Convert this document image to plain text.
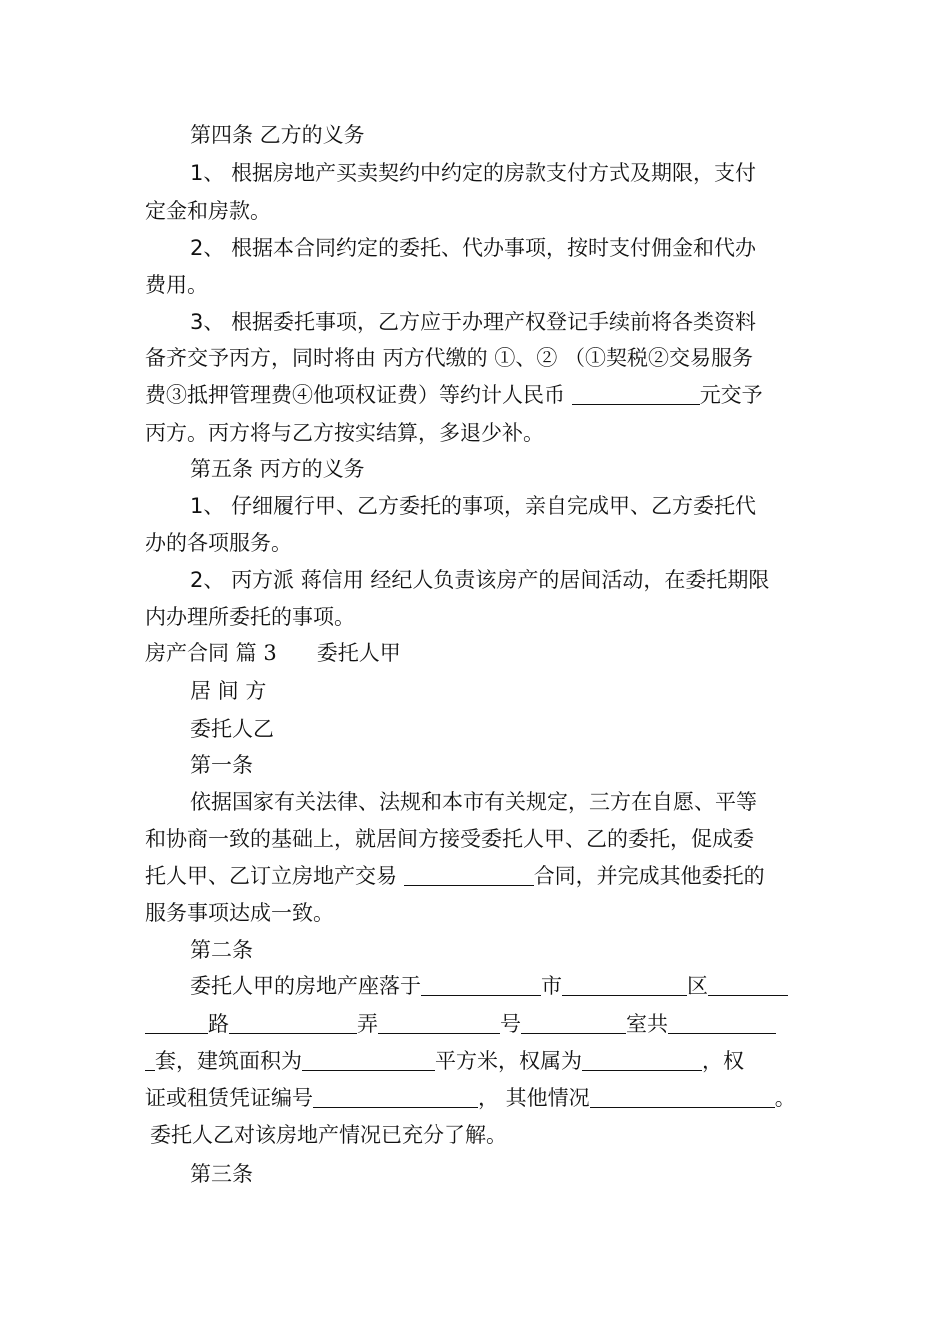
第四条 乙方的义务
1、 根据房地产买卖契约中约定的房款支付方式及期限，支付
定金和房款。
2、 根据本合同约定的委托、代办事项，按时支付佣金和代办
费用。
3、 根据委托事项，乙方应于办理产权登记手续前将各类资料
备齐交予丙方，同时将由 丙方代缴的 ①、② （①契税②交易服务
费③抵押管理费④他项权证费）等约计人民币	元交予
丙方。丙方将与乙方按实结算，多退少补。
第五条 丙方的义务
1、 仔细履行甲、乙方委托的事项，亲自完成甲、乙方委托代
办的各项服务。
2、 丙方派 蒋信用 经纪人负责该房产的居间活动，在委托期限
内办理所委托的事项。
房产合同 篇 3 委托人甲
居 间 方
委托人乙
第一条
依据国家有关法律、法规和本市有关规定，三方在自愿、平等
和协商一致的基础上，就居间方接受委托人甲、乙的委托，促成委
托人甲、乙订立房地产交易	合同，并完成其他委托的
服务事项达成一致。
第二条
委托人甲的房地产座落于	市	区
路	弄	号	室共
套，建筑面积为	平方米，权属为	，权
证或租赁凭证编号	， 其他情况	。
委托人乙对该房地产情况已充分了解。
第三条
